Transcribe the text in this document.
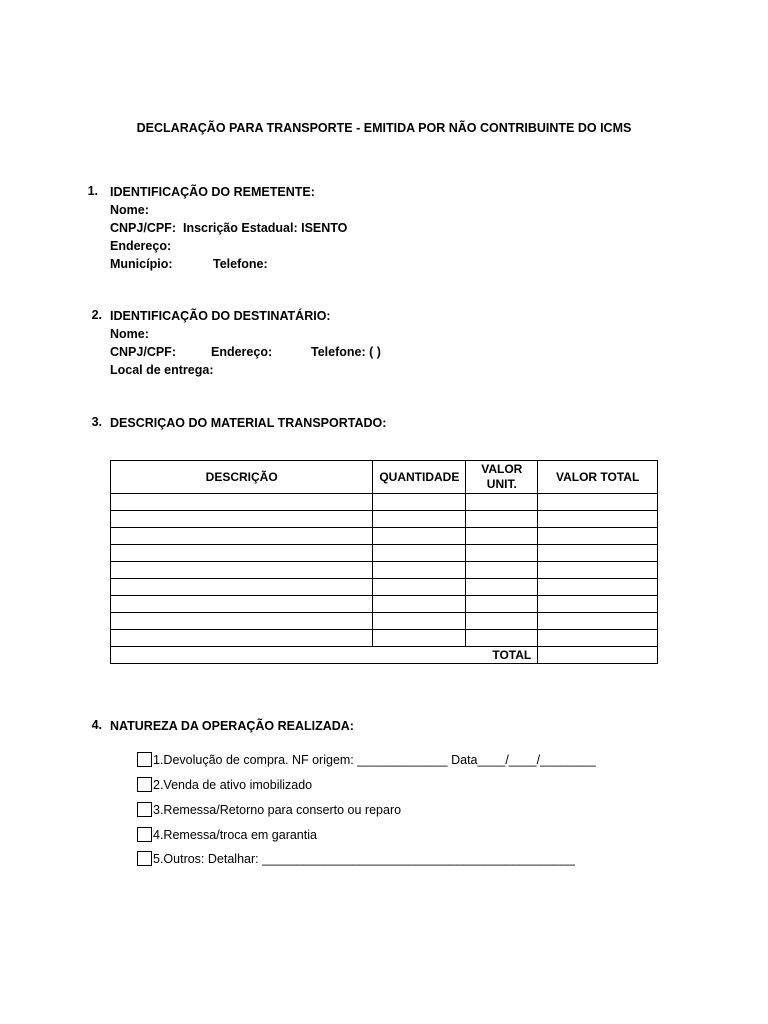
DECLARAÇÃO PARA TRANSPORTE - EMITIDA POR NÃO CONTRIBUINTE DO ICMS
1. IDENTIFICAÇÃO DO REMETENTE:
Nome:
CNPJ/CPF: Inscrição Estadual: ISENTO
Endereço:
Município:	Telefone:
2. IDENTIFICAÇÃO DO DESTINATÁRIO:
Nome:
CNPJ/CPF:	Endereço:	Telefone: ( )
Local de entrega:
3. DESCRIÇAO DO MATERIAL TRANSPORTADO:
DESCRIÇÃO	QUANTIDADE	VALOR UNIT.	VALOR TOTAL

TOTAL			
4. NATUREZA DA OPERAÇÃO REALIZADA:
1.Devolução de compra. NF origem: _____________ Data____/____/________
2.Venda de ativo imobilizado
3.Remessa/Retorno para conserto ou reparo
4.Remessa/troca em garantia
5.Outros: Detalhar: _____________________________________________
